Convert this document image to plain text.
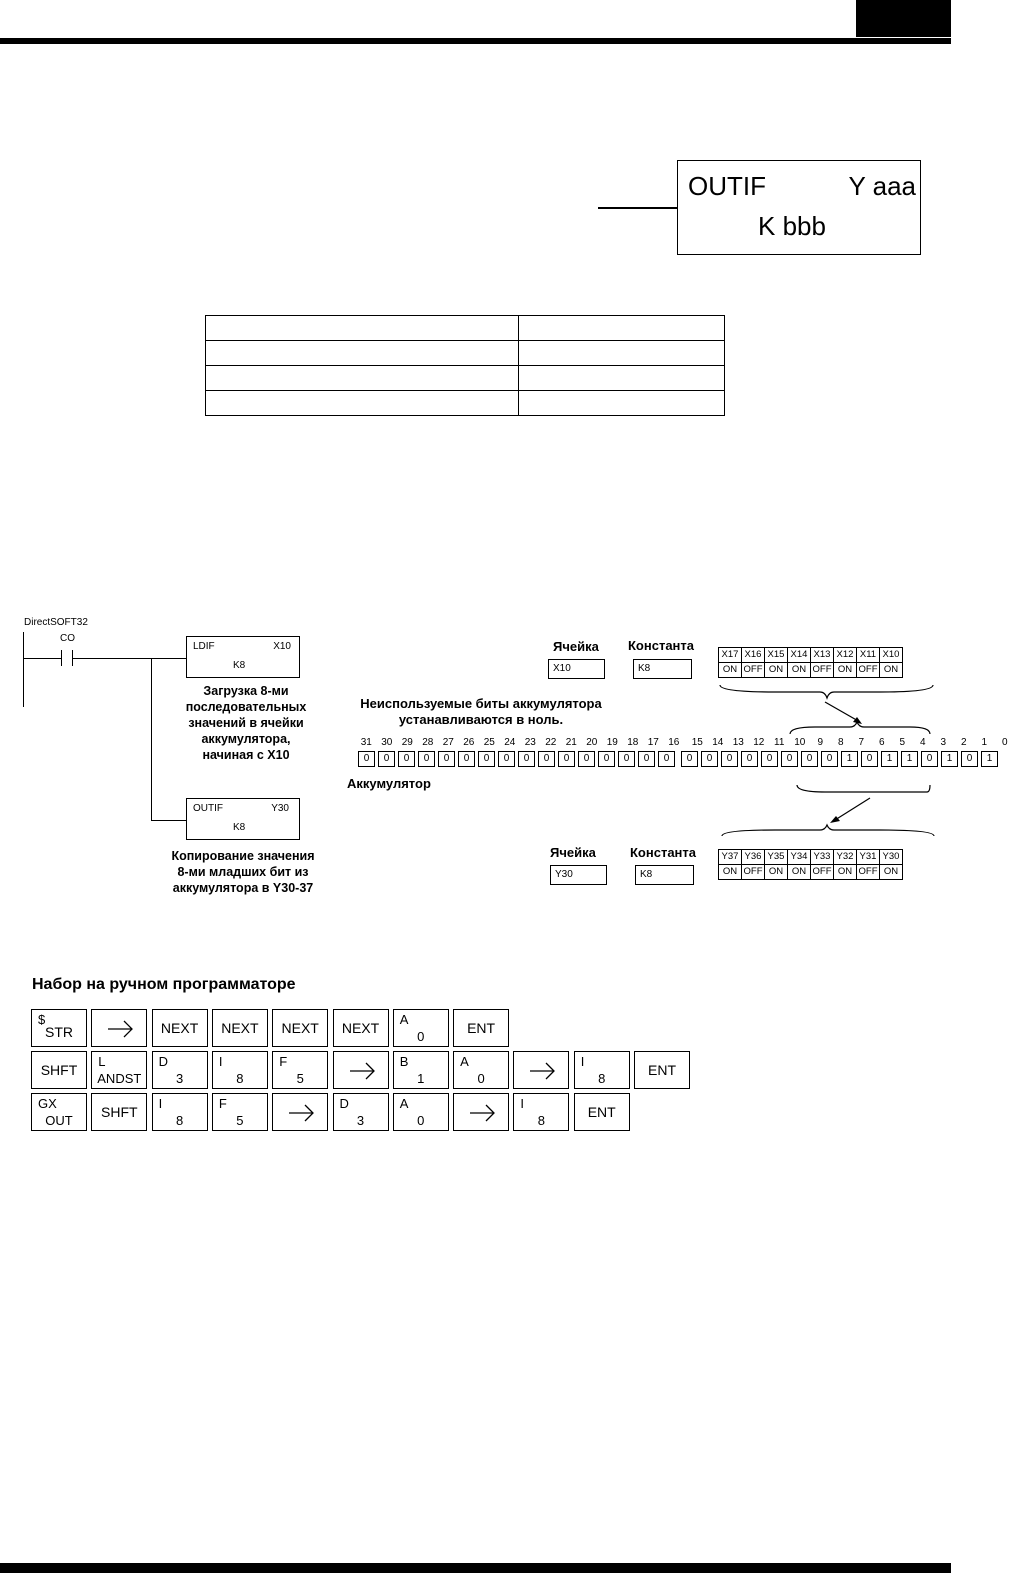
OUTIF	Y aaa
K bbb

DirectSOFT32
CO
LDIF	X10
K8
Загрузка 8-ми
последовательных
значений в ячейки
аккумулятора,
начиная с X10
OUTIF	Y30
K8
Копирование значения
8-ми младших бит из
аккумулятора в Y30-37
Ячейка Константа
X10	K8
X17 X16 X15 X14 X13 X12 X11 X10
ON OFF ON ON OFF ON OFF ON
Неиспользуемые биты аккумулятора
устанавливаются в ноль.
31 30 29 28 27 26 25 24 23 22 21 20 19 18 17 16	15 14 13 12 11 10	9	8	7	6	5	4	3	2	1	0
0	0	0	0	0	0	0	0	0	0	0	0	0	0	0	0	0	0	0	0	0	0	0	0	1	0	1	1	0	1	0	1
Аккумулятор
Ячейка	Константа
Y30	K8
Y37 Y36 Y35 Y34 Y33 Y32 Y31 Y30
ON OFF ON ON OFF ON OFF ON
Набор на ручном программаторе
STR
$
NEXT	NEXT	NEXT	NEXT
A
0
ENT
SHFT
L
ANDST
D
3
I
8
F
5
B
1
A
0
I
8
ENT
GX
OUT
SHFT
I
8
F
5
D
3
A
0
I
8
ENT
